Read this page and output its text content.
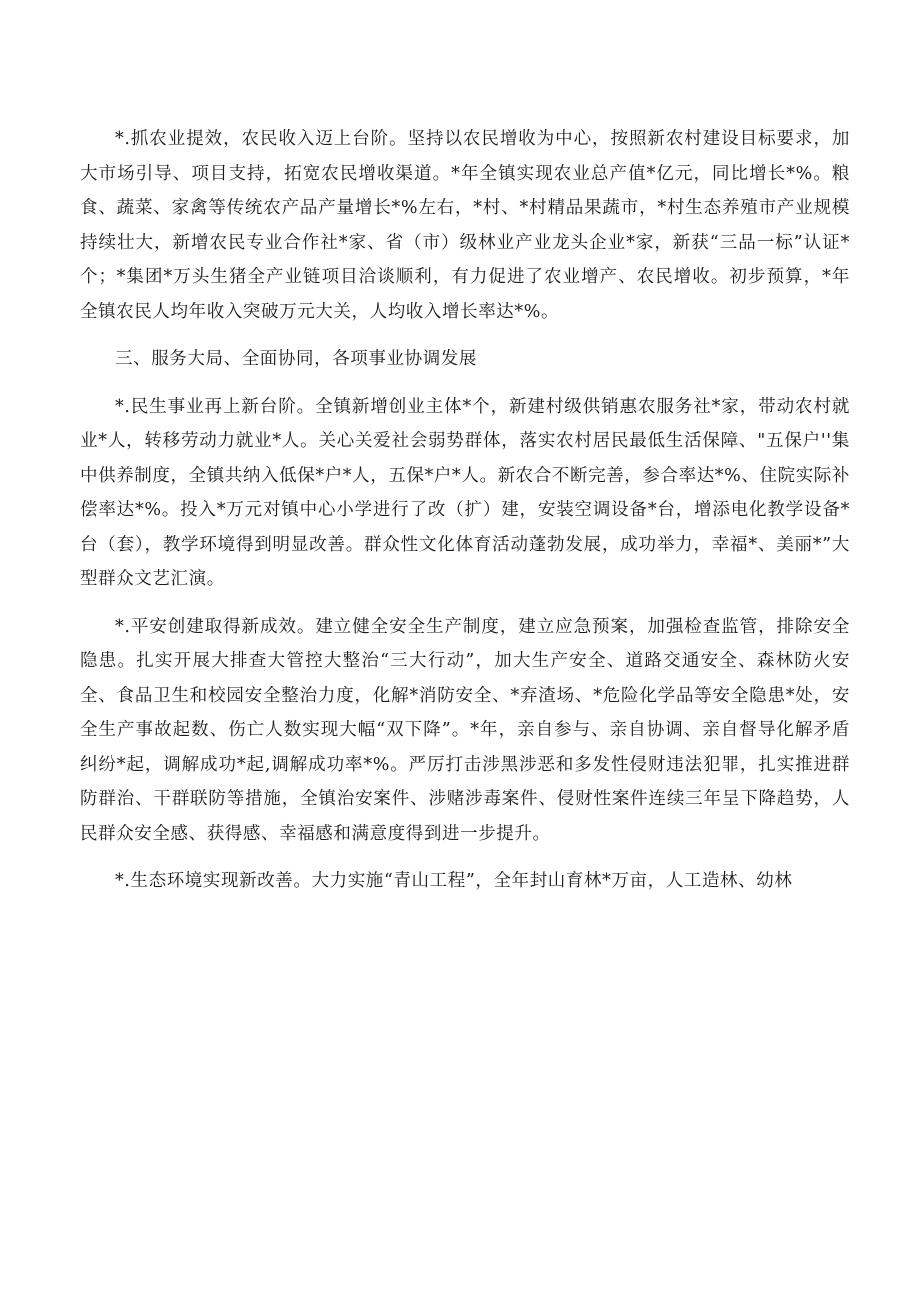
*.抓农业提效，农民收入迈上台阶。坚持以农民增收为中心，按照新农村建设目标要求，加大市场引导、项目支持，拓宽农民增收渠道。*年全镇实现农业总产值*亿元，同比增长*%。粮食、蔬菜、家禽等传统农产品产量增长*%左右，*村、*村精品果蔬市，*村生态养殖市产业规模持续壮大，新增农民专业合作社*家、省（市）级林业产业龙头企业*家，新获“三品一标”认证*个；*集团*万头生猪全产业链项目洽谈顺利，有力促进了农业增产、农民增收。初步预算，*年全镇农民人均年收入突破万元大关，人均收入增长率达*%。

三、服务大局、全面协同，各项事业协调发展

*.民生事业再上新台阶。全镇新增创业主体*个，新建村级供销惠农服务社*家，带动农村就业*人，转移劳动力就业*人。关心关爱社会弱势群体，落实农村居民最低生活保障、"五保户''集中供养制度，全镇共纳入低保*户*人，五保*户*人。新农合不断完善，参合率达*%、住院实际补偿率达*%。投入*万元对镇中心小学进行了改（扩）建，安装空调设备*台，增添电化教学设备*台（套），教学环境得到明显改善。群众性文化体育活动蓬勃发展，成功举力，幸福*、美丽*”大型群众文艺汇演。

*.平安创建取得新成效。建立健全安全生产制度，建立应急预案，加强检查监管，排除安全隐患。扎实开展大排查大管控大整治“三大行动”，加大生产安全、道路交通安全、森林防火安全、食品卫生和校园安全整治力度，化解*消防安全、*弃渣场、*危险化学品等安全隐患*处，安全生产事故起数、伤亡人数实现大幅“双下降”。*年，亲自参与、亲自协调、亲自督导化解矛盾纠纷*起，调解成功*起,调解成功率*%。严厉打击涉黑涉恶和多发性侵财违法犯罪，扎实推进群防群治、干群联防等措施，全镇治安案件、涉赌涉毒案件、侵财性案件连续三年呈下降趋势，人民群众安全感、获得感、幸福感和满意度得到进一步提升。

*.生态环境实现新改善。大力实施“青山工程”，全年封山育林*万亩，人工造林、幼林
